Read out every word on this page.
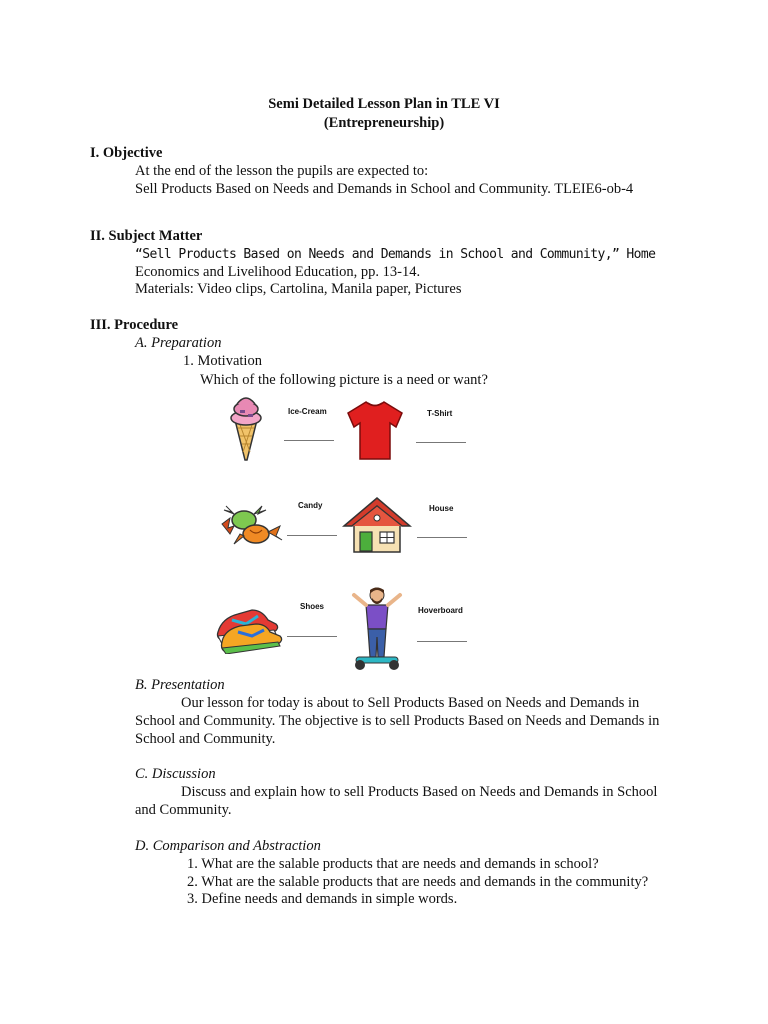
Semi Detailed Lesson Plan in TLE VI
(Entrepreneurship)
I. Objective
At the end of the lesson the pupils are expected to:
Sell Products Based on Needs and Demands in School and Community. TLEIE6-ob-4
II. Subject Matter
“Sell Products Based on Needs and Demands in School and Community,” Home
Economics and Livelihood Education, pp. 13-14.
Materials: Video clips, Cartolina, Manila paper, Pictures
III. Procedure
A. Preparation
1. Motivation
Which of the following picture is a need or want?
Ice-Cream	T-Shirt
Candy	House
Shoes	Hoverboard
B. Presentation

Our lesson for today is about to Sell Products Based on Needs and Demands in School and Community. The objective is to sell Products Based on Needs and Demands in School and Community.

C. Discussion

Discuss and explain how to sell Products Based on Needs and Demands in School and Community.

D. Comparison and Abstraction
1. What are the salable products that are needs and demands in school?
2. What are the salable products that are needs and demands in the community?
3. Define needs and demands in simple words.
